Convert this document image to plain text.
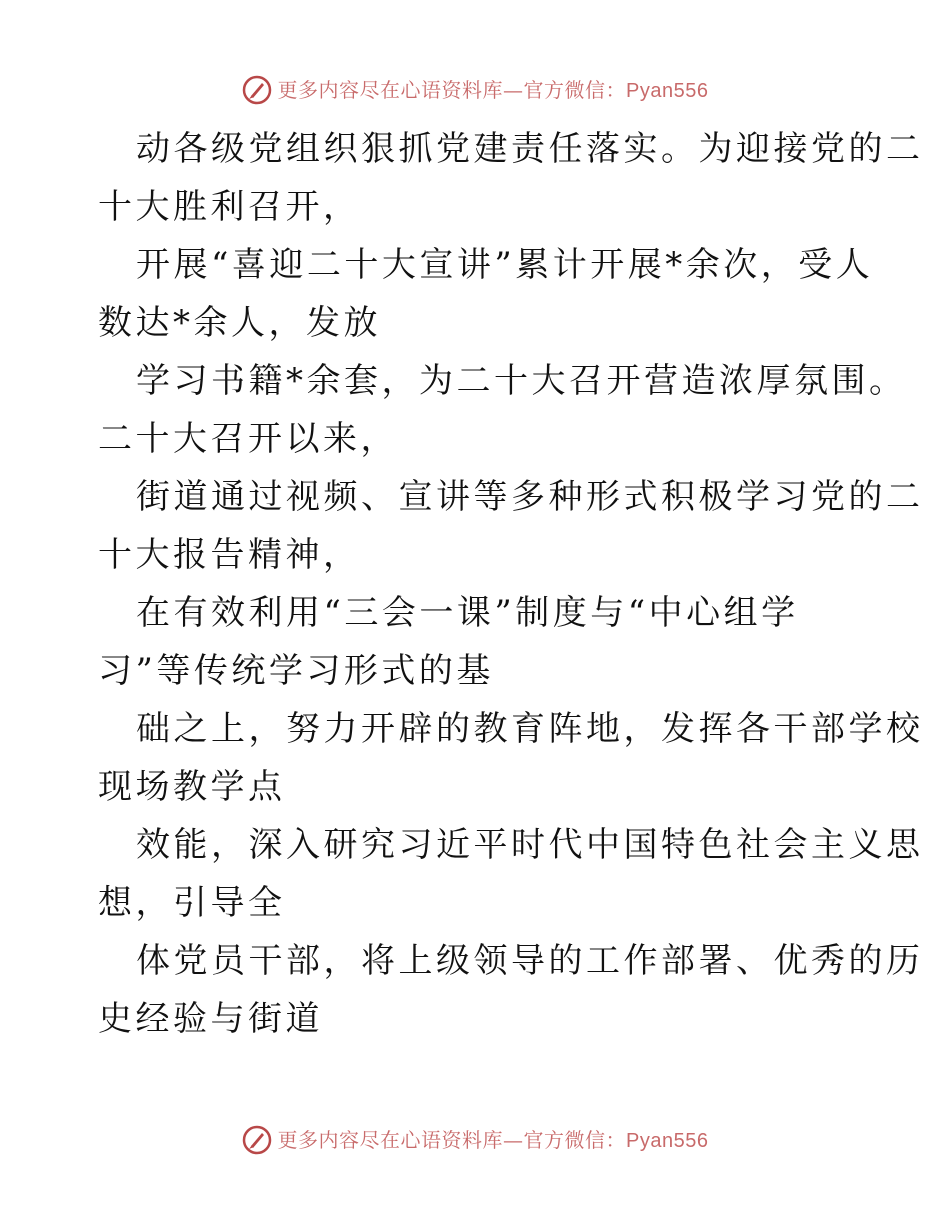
更多内容尽在心语资料库—官方微信：Pyan556

动各级党组织狠抓党建责任落实。为迎接党的二

十大胜利召开，

开展“喜迎二十大宣讲”累计开展*余次，受人

数达*余人，发放

学习书籍*余套，为二十大召开营造浓厚氛围。

二十大召开以来，

街道通过视频、宣讲等多种形式积极学习党的二

十大报告精神，

在有效利用“三会一课”制度与“中心组学

习”等传统学习形式的基

础之上，努力开辟的教育阵地，发挥各干部学校

现场教学点

效能，深入研究习近平时代中国特色社会主义思

想，引导全

体党员干部，将上级领导的工作部署、优秀的历

史经验与街道

更多内容尽在心语资料库—官方微信：Pyan556
